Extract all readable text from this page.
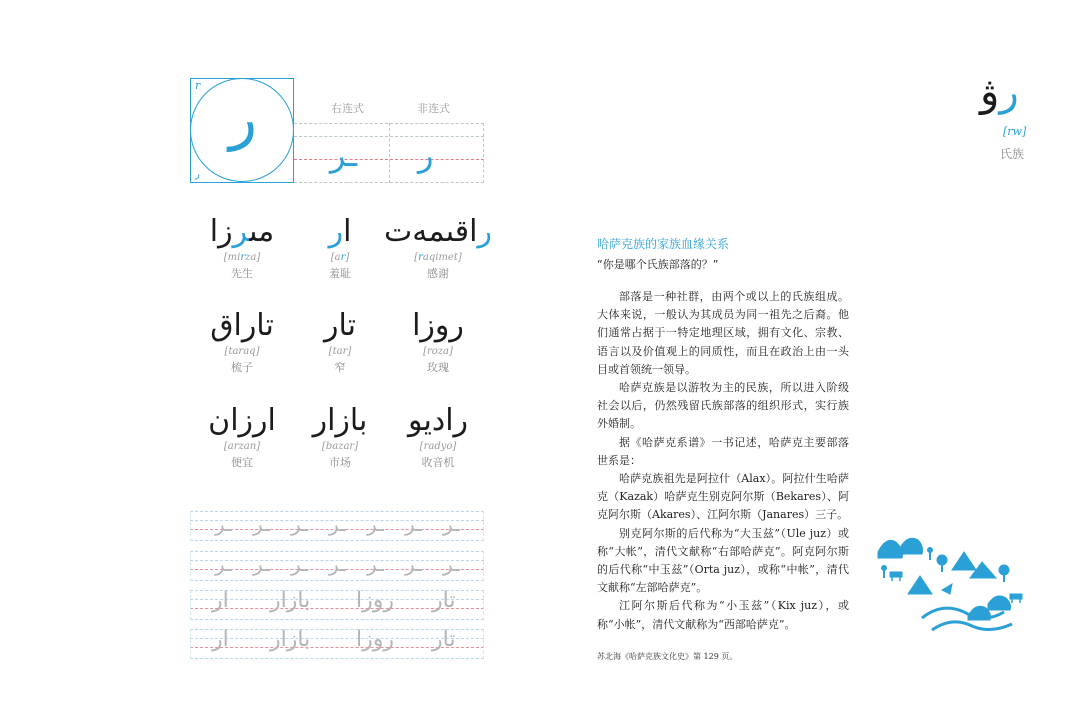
ر
r
ر
右连式	非连式
ـر ر
راقىمەت
[raqimet]
感谢
ار
[ar]
羞耻
مىرزا
[mirza]
先生
روزا
[roza]
玫瑰
تار
[tar]
窄
تاراق
[taraq]
梳子
راديو
[radyo]
收音机
بازار
[bazar]
市场
ارزان
[arzan]
便宜
ـر ـر ـر ـر ـر ـر ـر
ـر ـر ـر ـر ـر ـر ـر
تار
روزا
بازار
ار
تار
روزا
بازار
ار
رۋ
[rw]
氏族
哈萨克族的家族血缘关系
“你是哪个氏族部落的？”

部落是一种社群，由两个或以上的氏族组成。大体来说，一般认为其成员为同一祖先之后裔。他们通常占据于一特定地理区域，拥有文化、宗教、语言以及价值观上的同质性，而且在政治上由一头目或首领统一领导。

哈萨克族是以游牧为主的民族，所以进入阶级社会以后，仍然残留氏族部落的组织形式，实行族外婚制。

据《哈萨克系谱》一书记述，哈萨克主要部落世系是：

哈萨克族祖先是阿拉什（Alax）。阿拉什生哈萨克（Kazak）哈萨克生别克阿尔斯（Bekares）、阿克阿尔斯（Akares）、江阿尔斯（Janares）三子。

别克阿尔斯的后代称为“大玉兹”（Ule juz）或称“大帐”，清代文献称“右部哈萨克”。阿克阿尔斯的后代称“中玉兹”（Orta juz），或称“中帐”，清代文献称“左部哈萨克”。

江阿尔斯后代称为“小玉兹”（Kix juz），或称“小帐”，清代文献称为“西部哈萨克”。

苏北海《哈萨克族文化史》第 129 页。
